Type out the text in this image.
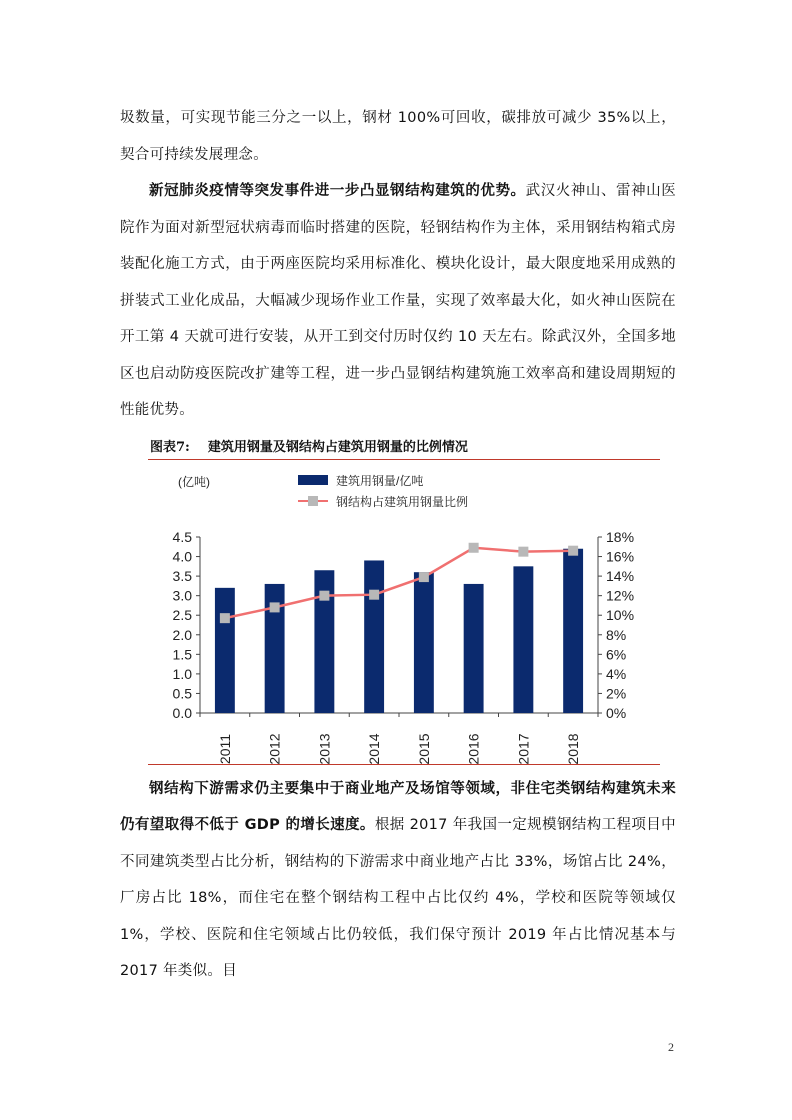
圾数量，可实现节能三分之一以上，钢材 100%可回收，碳排放可减少 35%以上，契合可持续发展理念。

新冠肺炎疫情等突发事件进一步凸显钢结构建筑的优势。武汉火神山、雷神山医院作为面对新型冠状病毒而临时搭建的医院，轻钢结构作为主体，采用钢结构箱式房装配化施工方式，由于两座医院均采用标准化、模块化设计，最大限度地采用成熟的拼装式工业化成品，大幅减少现场作业工作量，实现了效率最大化，如火神山医院在开工第 4 天就可进行安装，从开工到交付历时仅约 10 天左右。除武汉外，全国多地区也启动防疫医院改扩建等工程，进一步凸显钢结构建筑施工效率高和建设周期短的性能优势。

图表7: 建筑用钢量及钢结构占建筑用钢量的比例情况
(亿吨)	建筑用钢量/亿吨
钢结构占建筑用钢量比例
4.5
4.0
3.5
3.0
2.5
2.0
1.5
1.0
0.5
0.0
18%
16%
14%
12%
10%
8%
6%
4%
2%
0%
2011 2012 2013 2014 2015 2016 2017 2018

钢结构下游需求仍主要集中于商业地产及场馆等领域，非住宅类钢结构建筑未来仍有望取得不低于 GDP 的增长速度。根据 2017 年我国一定规模钢结构工程项目中不同建筑类型占比分析，钢结构的下游需求中商业地产占比 33%，场馆占比 24%，厂房占比 18%，而住宅在整个钢结构工程中占比仅约 4%，学校和医院等领域仅 1%，学校、医院和住宅领域占比仍较低，我们保守预计 2019 年占比情况基本与 2017 年类似。目

2
